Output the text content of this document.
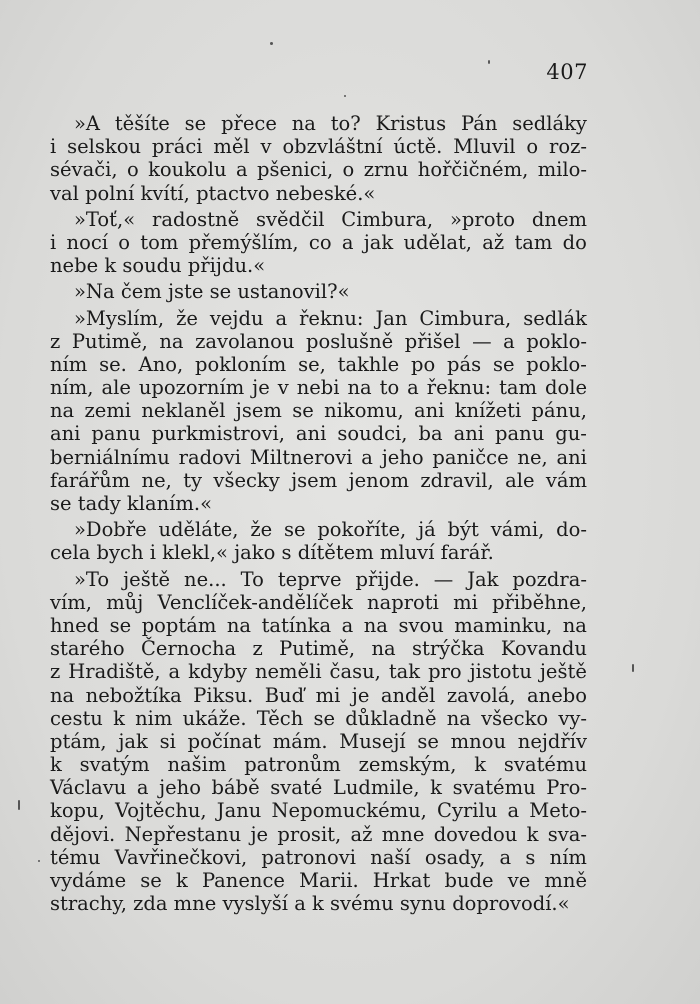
407
»A těšíte se přece na to? Kristus Pán sedláky
i selskou práci měl v obzvláštní úctě. Mluvil o roz-
sévači, o koukolu a pšenici, o zrnu hořčičném, milo-
val polní kvítí, ptactvo nebeské.«
»Toť,« radostně svědčil Cimbura, »proto dnem
i nocí o tom přemýšlím, co a jak udělat, až tam do
nebe k soudu přijdu.«
»Na čem jste se ustanovil?«
»Myslím, že vejdu a řeknu: Jan Cimbura, sedlák
z Putimě, na zavolanou poslušně přišel — a poklo-
ním se. Ano, pokloním se, takhle po pás se poklo-
ním, ale upozorním je v nebi na to a řeknu: tam dole
na zemi neklaněl jsem se nikomu, ani knížeti pánu,
ani panu purkmistrovi, ani soudci, ba ani panu gu-
berniálnímu radovi Miltnerovi a jeho paničce ne, ani
farářům ne, ty všecky jsem jenom zdravil, ale vám
se tady klaním.«
»Dobře uděláte, že se pokoříte, já být vámi, do-
cela bych i klekl,« jako s dítětem mluví farář.
»To ještě ne... To teprve přijde. — Jak pozdra-
vím, můj Venclíček-andělíček naproti mi přiběhne,
hned se poptám na tatínka a na svou maminku, na
starého Černocha z Putimě, na strýčka Kovandu
z Hradiště, a kdyby neměli času, tak pro jistotu ještě
na nebožtíka Piksu. Buď mi je anděl zavolá, anebo
cestu k nim ukáže. Těch se důkladně na všecko vy-
ptám, jak si počínat mám. Musejí se mnou nejdřív
k svatým našim patronům zemským, k svatému
Václavu a jeho bábě svaté Ludmile, k svatému Pro-
kopu, Vojtěchu, Janu Nepomuckému, Cyrilu a Meto-
dějovi. Nepřestanu je prosit, až mne dovedou k sva-
tému Vavřinečkovi, patronovi naší osady, a s ním
vydáme se k Panence Marii. Hrkat bude ve mně
strachy, zda mne vyslyší a k svému synu doprovodí.«
